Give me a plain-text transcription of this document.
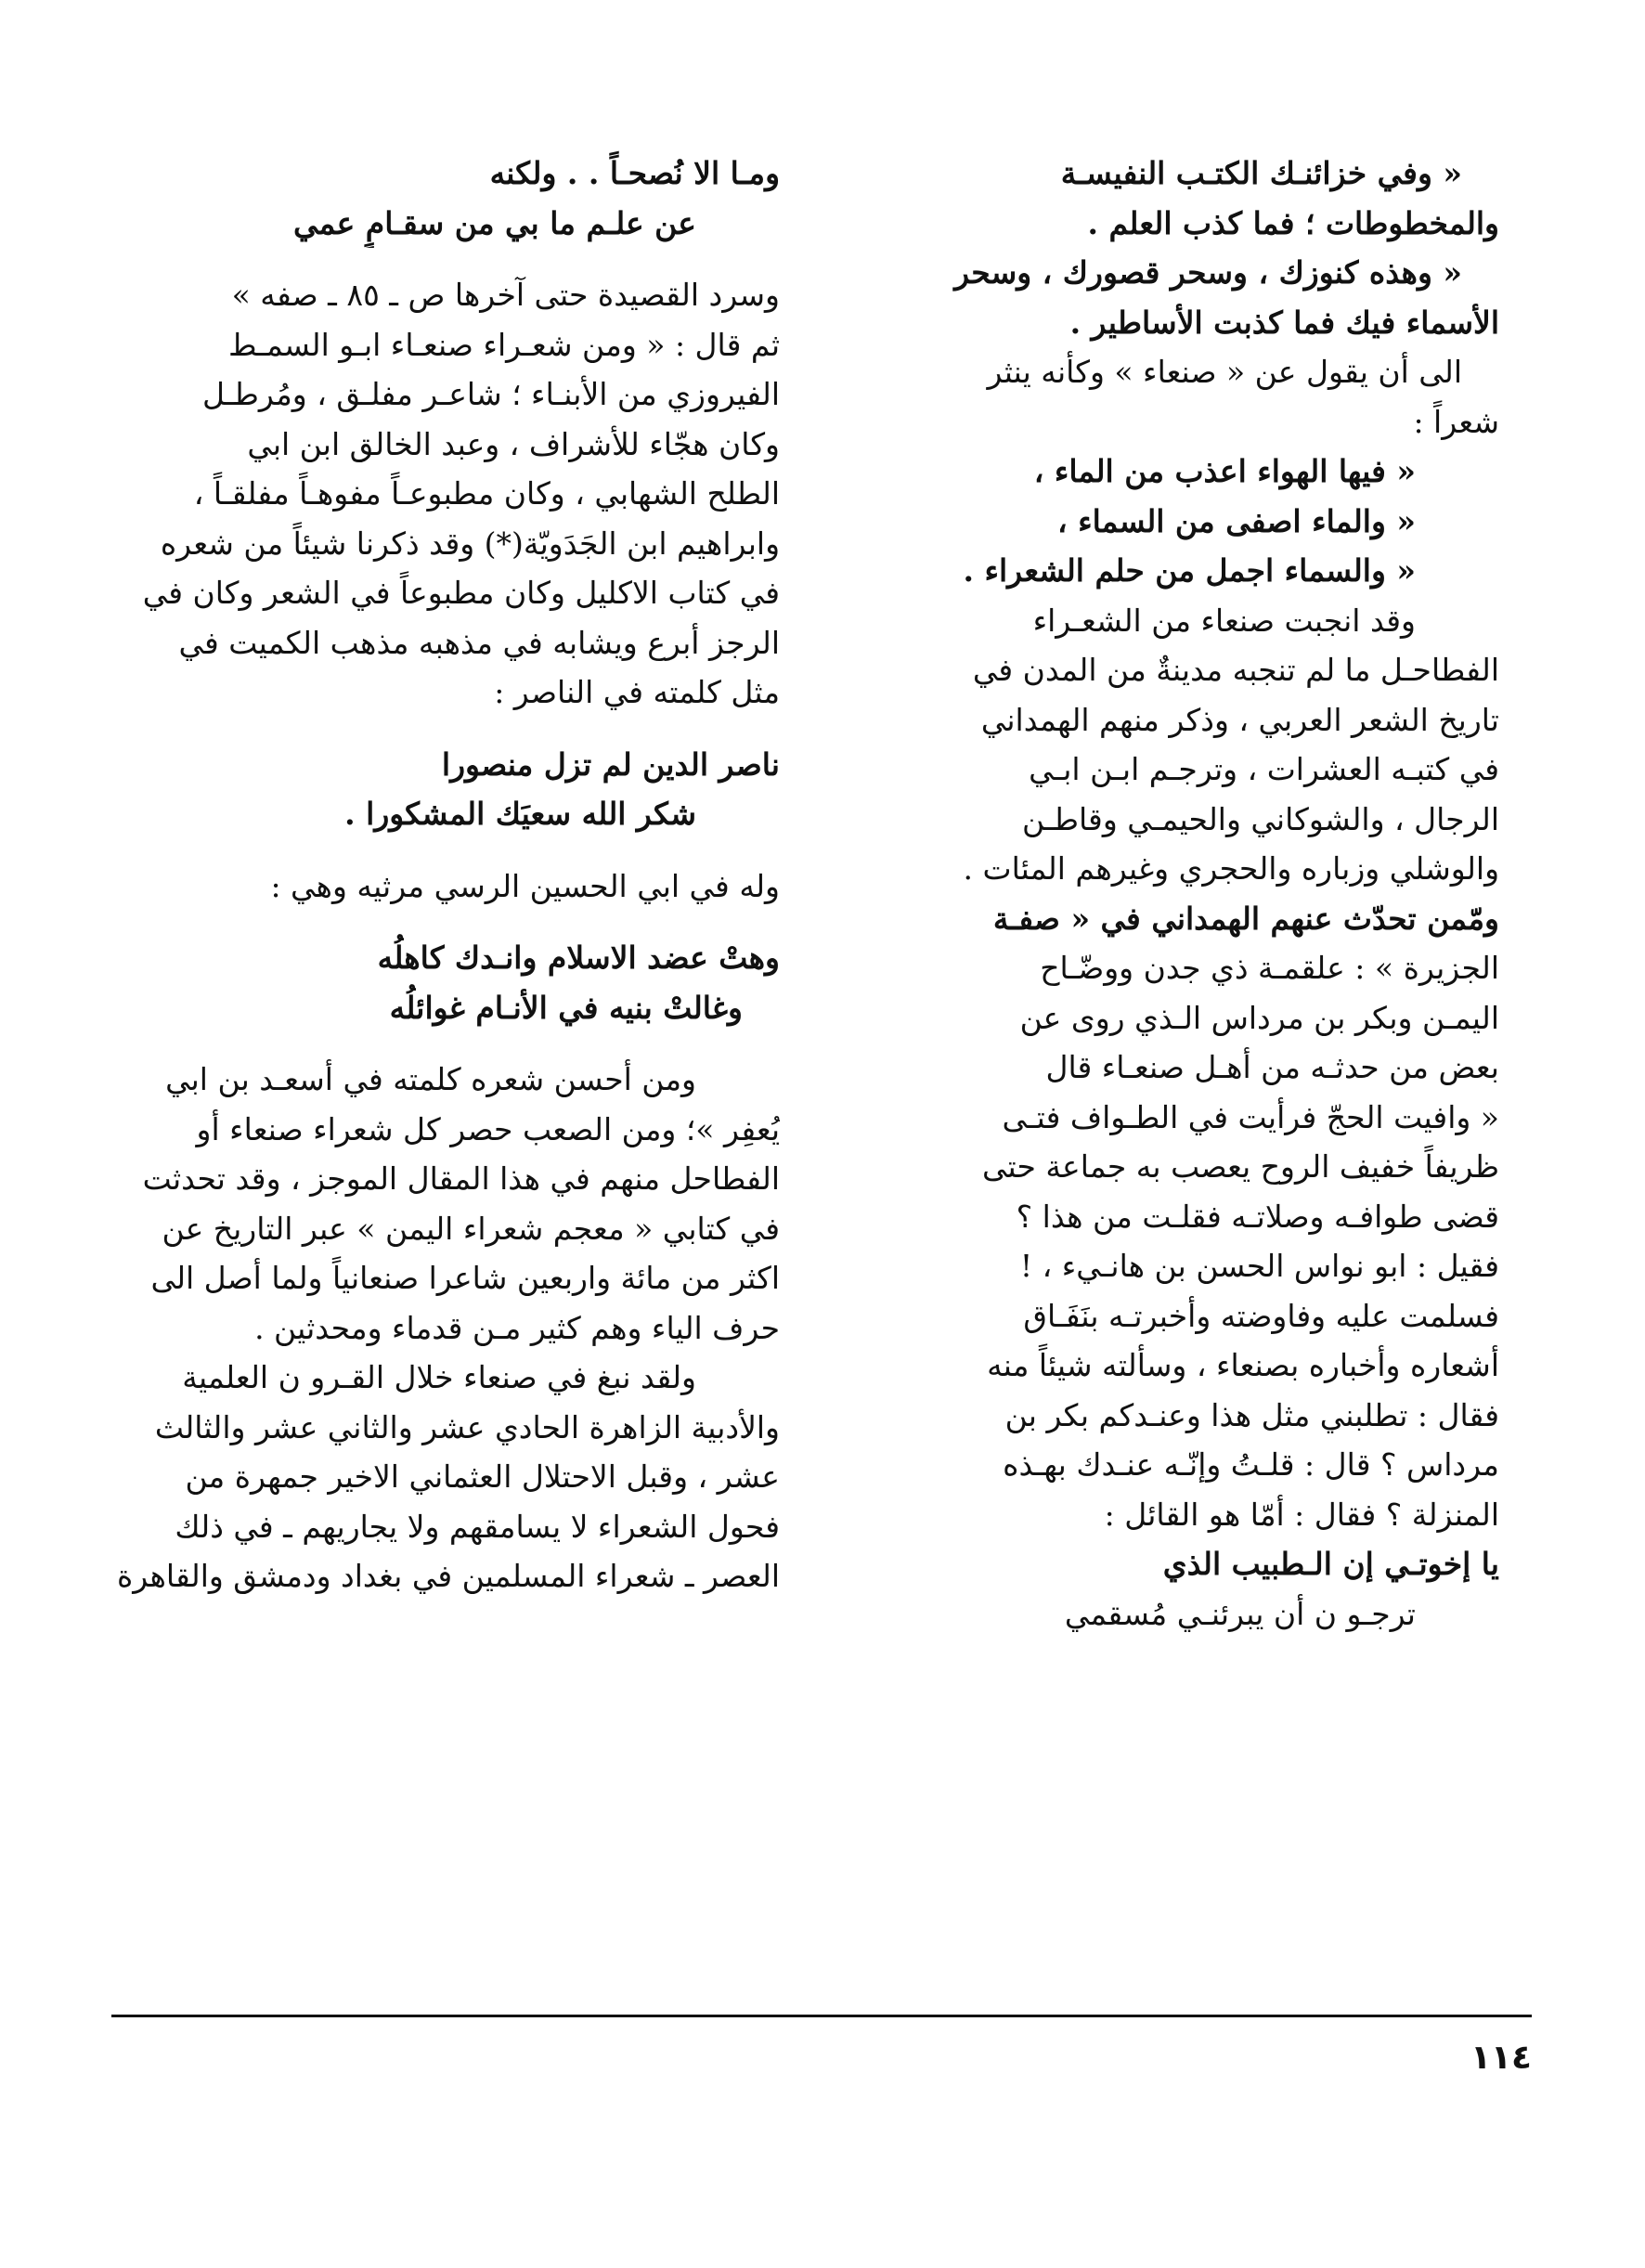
« وفي خزائنـك الكتـب النفيسـة
والمخطوطات ؛ فما كذب العلم .
« وهذه كنوزك ، وسحر قصورك ، وسحر
الأسماء فيك فما كذبت الأساطير .
الى أن يقول عن « صنعاء » وكأنه ينثر
شعراً :
« فيها الهواء اعذب من الماء ،
« والماء اصفى من السماء ،
« والسماء اجمل من حلم الشعراء .
وقد انجبت صنعاء من الشعـراء
الفطاحـل ما لم تنجبه مدينةٌ من المدن في
تاريخ الشعر العربي ، وذكر منهم الهمداني
في كتبـه العشرات ، وترجـم ابـن ابـي
الرجال ، والشوكاني والحيمـي وقاطـن
والوشلي وزباره والحجري وغيرهم المئات .
ومّمن تحدّث عنهم الهمداني في « صفـة
الجزيرة » : علقمـة ذي جدن ووضّـاح
اليمـن وبكر بن مرداس الـذي روى عن
بعض من حدثـه من أهـل صنعـاء قال
« وافيت الحجّ فرأيت في الطـواف فتـى
ظريفاً خفيف الروح يعصب به جماعة حتى
قضى طوافـه وصلاتـه فقلـت من هذا ؟
فقيل : ابو نواس الحسن بن هانـيء ، !
فسلمت عليه وفاوضته وأخبرتـه بنَفَـاق
أشعاره وأخباره بصنعاء ، وسألته شيئاً منه
فقال : تطلبني مثل هذا وعنـدكم بكر بن
مرداس ؟ قال : قلـتُ وإنّـه عنـدك بهـذه
المنزلة ؟ فقال : أمّا هو القائل :
يا إخوتـي إن الـطبيب الذي
ترجـو ن أن يبرئنـي مُسقمي
ومـا الا نُصحـاً . . ولكنه
عن علـم ما بي من سقـامٍ عمي
وسرد القصيدة حتى آخرها ص ـ ٨٥ ـ صفه »
ثم قال : « ومن شعـراء صنعـاء ابـو السمـط
الفيروزي من الأبنـاء ؛ شاعـر مفلـق ، ومُرطـل
وكان هجّاء للأشراف ، وعبد الخالق ابن ابي
الطلح الشهابي ، وكان مطبوعـاً مفوهـاً مفلقـاً ،
وابراهيم ابن الجَدَويّة(*) وقد ذكرنا شيئاً من شعره
في كتاب الاكليل وكان مطبوعاً في الشعر وكان في
الرجز أبرع ويشابه في مذهبه مذهب الكميت في
مثل كلمته في الناصر :
ناصر الدين لم تزل منصورا
شكر الله سعيَك المشكورا .
وله في ابي الحسين الرسي مرثيه وهي :
وهتْ عضد الاسلام وانـدك كاهلُه
وغالتْ بنيه في الأنـام غوائلُه
ومن أحسن شعره كلمته في أسعـد بن ابي
يُعفِر »؛ ومن الصعب حصر كل شعراء صنعاء أو
الفطاحل منهم في هذا المقال الموجز ، وقد تحدثت
في كتابي « معجم شعراء اليمن » عبر التاريخ عن
اكثر من مائة واربعين شاعرا صنعانياً ولما أصل الى
حرف الياء وهم كثير مـن قدماء ومحدثين .
ولقد نبغ في صنعاء خلال القـرو ن العلمية
والأدبية الزاهرة الحادي عشر والثاني عشر والثالث
عشر ، وقبل الاحتلال العثماني الاخير جمهرة من
فحول الشعراء لا يسامقهم ولا يجاريهم ـ في ذلك
العصر ـ شعراء المسلمين في بغداد ودمشق والقاهرة
١١٤
